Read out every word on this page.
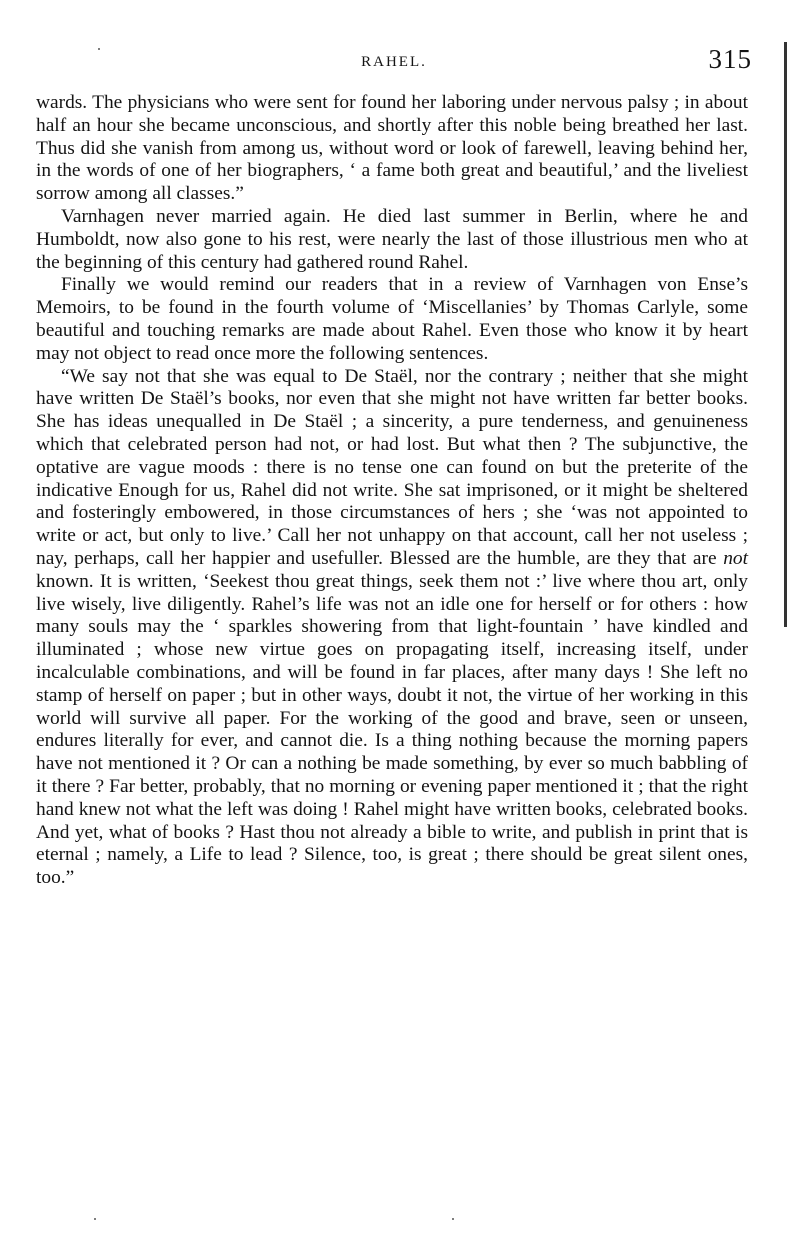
RAHEL.	315

wards. The physicians who were sent for found her laboring under nervous palsy ; in about half an hour she became unconscious, and shortly after this noble being breathed her last. Thus did she vanish from among us, without word or look of farewell, leaving behind her, in the words of one of her biographers, ‘ a fame both great and beautiful,’ and the liveliest sorrow among all classes.”

Varnhagen never married again. He died last summer in Berlin, where he and Humboldt, now also gone to his rest, were nearly the last of those illustrious men who at the beginning of this century had gathered round Rahel.

Finally we would remind our readers that in a review of Varnhagen von Ense’s Memoirs, to be found in the fourth volume of ‘Miscellanies’ by Thomas Carlyle, some beautiful and touching remarks are made about Rahel. Even those who know it by heart may not object to read once more the following sentences.

“We say not that she was equal to De Staël, nor the contrary ; neither that she might have written De Staël’s books, nor even that she might not have written far better books. She has ideas unequalled in De Staël ; a sincerity, a pure tenderness, and genuineness which that celebrated person had not, or had lost. But what then ? The subjunctive, the optative are vague moods : there is no tense one can found on but the preterite of the indicative Enough for us, Rahel did not write. She sat imprisoned, or it might be sheltered and fosteringly embowered, in those circumstances of hers ; she ‘was not appointed to write or act, but only to live.’ Call her not unhappy on that account, call her not useless ; nay, perhaps, call her happier and usefuller. Blessed are the humble, are they that are not known. It is written, ‘Seekest thou great things, seek them not :’ live where thou art, only live wisely, live diligently. Rahel’s life was not an idle one for herself or for others : how many souls may the ‘ sparkles showering from that light-fountain ’ have kindled and illuminated ; whose new virtue goes on propagating itself, increasing itself, under incalculable combinations, and will be found in far places, after many days ! She left no stamp of herself on paper ; but in other ways, doubt it not, the virtue of her working in this world will survive all paper. For the working of the good and brave, seen or unseen, endures literally for ever, and cannot die. Is a thing nothing because the morning papers have not mentioned it ? Or can a nothing be made something, by ever so much babbling of it there ? Far better, probably, that no morning or evening paper mentioned it ; that the right hand knew not what the left was doing ! Rahel might have written books, celebrated books. And yet, what of books ? Hast thou not already a bible to write, and publish in print that is eternal ; namely, a Life to lead ? Silence, too, is great ; there should be great silent ones, too.”
